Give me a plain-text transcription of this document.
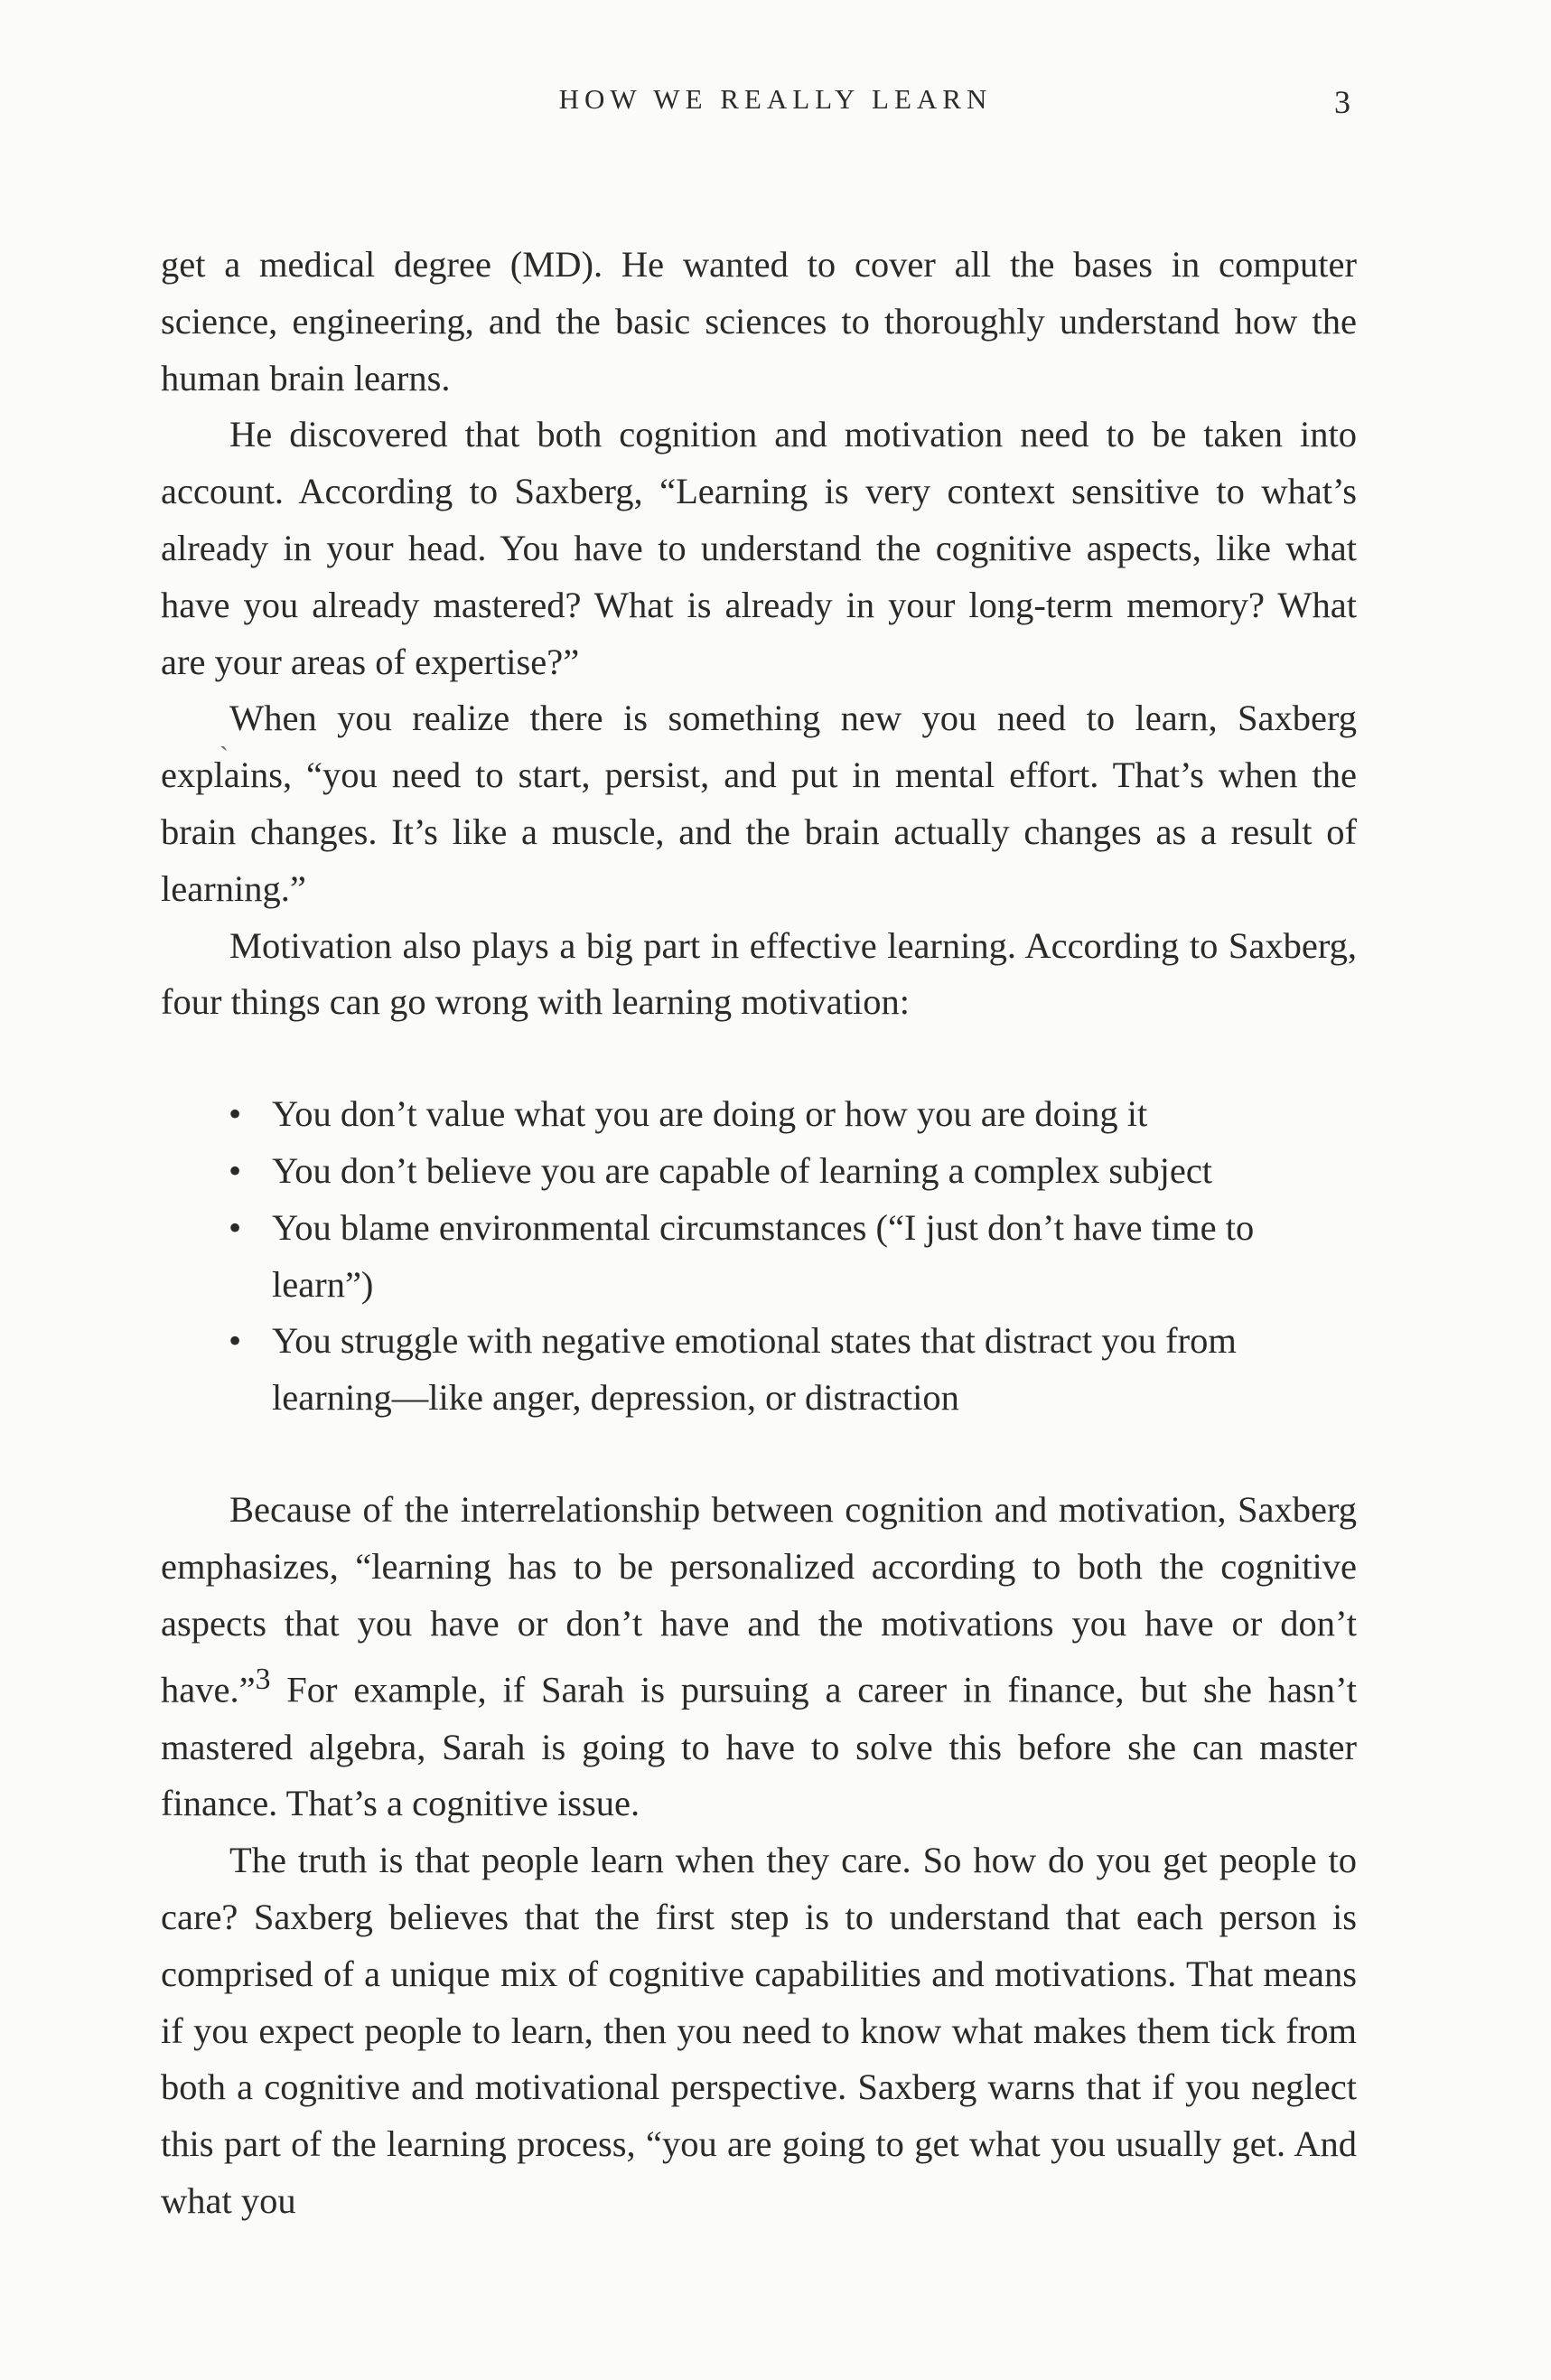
HOW WE REALLY LEARN	3
ˏ

get a medical degree (MD). He wanted to cover all the bases in computer science, engineering, and the basic sciences to thoroughly understand how the human brain learns.

He discovered that both cognition and motivation need to be taken into account. According to Saxberg, “Learning is very context sensitive to what’s already in your head. You have to understand the cognitive aspects, like what have you already mastered? What is already in your long-term memory? What are your areas of expertise?”

When you realize there is something new you need to learn, Saxberg explains, “you need to start, persist, and put in mental effort. That’s when the brain changes. It’s like a muscle, and the brain actually changes as a result of learning.”

Motivation also plays a big part in effective learning. According to Saxberg, four things can go wrong with learning motivation:

• You don’t value what you are doing or how you are doing it
• You don’t believe you are capable of learning a complex subject
• You blame environmental circumstances (“I just don’t have time to learn”)
• You struggle with negative emotional states that distract you from learning—like anger, depression, or distraction

Because of the interrelationship between cognition and motivation, Saxberg emphasizes, “learning has to be personalized according to both the cognitive aspects that you have or don’t have and the motivations you have or don’t have.”$^3$ For example, if Sarah is pursuing a career in finance, but she hasn’t mastered algebra, Sarah is going to have to solve this before she can master finance. That’s a cognitive issue.

The truth is that people learn when they care. So how do you get people to care? Saxberg believes that the first step is to understand that each person is comprised of a unique mix of cognitive capabilities and motivations. That means if you expect people to learn, then you need to know what makes them tick from both a cognitive and motivational perspective. Saxberg warns that if you neglect this part of the learning process, “you are going to get what you usually get. And what you
